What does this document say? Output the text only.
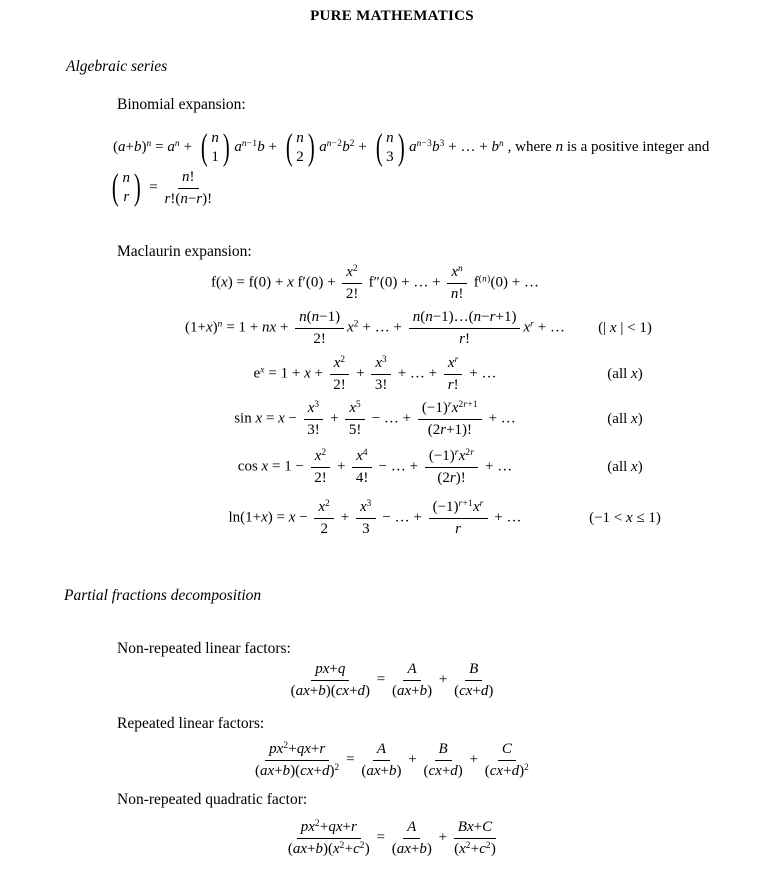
PURE MATHEMATICS
Algebraic series
Binomial expansion:
$(a+b)^n = a^n$ + ( n
1 ) $a^{n-1}b$ + ( n
2 ) $a^{n-2}b^2$ + ( n
3 ) $a^{n-3}b^3$ + … + $b^n$ , where n is a positive integer and
( n
r ) = $\frac{n!}{r!(n-r)!}$
Maclaurin expansion:
f(x) = f(0) + x $f'(0) + \frac{x^2}{2!} f''(0)$ + … + $\frac{x^n}{n!} f^{(n)}(0)$ + …
$(1+x)^n = 1$ + nx + $\frac{n(n-1)}{2!} x^2$ + … + $\frac{n(n-1)\dots(n-r+1)}{r!} x^r$ + …	(| x | < 1)
$e^x = 1 + x + \frac{x^2}{2!} + \frac{x^3}{3!}$ + … + $\frac{x^r}{r!}$ + …	(all x)
$\sin x = x - \frac{x^3}{3!} + \frac{x^5}{5!}$ − … + $\frac{(-1)^rx^{2r+1}}{(2r+1)!}$ + …	(all x)
$\cos x = 1 - \frac{x^2}{2!} + \frac{x^4}{4!}$ − … + $\frac{(-1)^rx^{2r}}{(2r)!}$ + …	(all x)
$\ln(1+x) = x - \frac{x^2}{2} + \frac{x^3}{3}$ − … + $\frac{(-1)^{r+1}x^r}{r}$ + …	(−1 < x ≤ 1)
Partial fractions decomposition
Non-repeated linear factors:
$\frac{px+q}{(ax+b)(cx+d)} = \frac{A}{(ax+b)} + \frac{B}{(cx+d)}$
Repeated linear factors:
$\frac{px^2+qx+r}{(ax+b)(cx+d)^2} = \frac{A}{(ax+b)} + \frac{B}{(cx+d)} + \frac{C}{(cx+d)^2}$
Non-repeated quadratic factor:
$\frac{px^2+qx+r}{(ax+b)(x^2+c^2)} = \frac{A}{(ax+b)} + \frac{Bx+C}{(x^2+c^2)}$
